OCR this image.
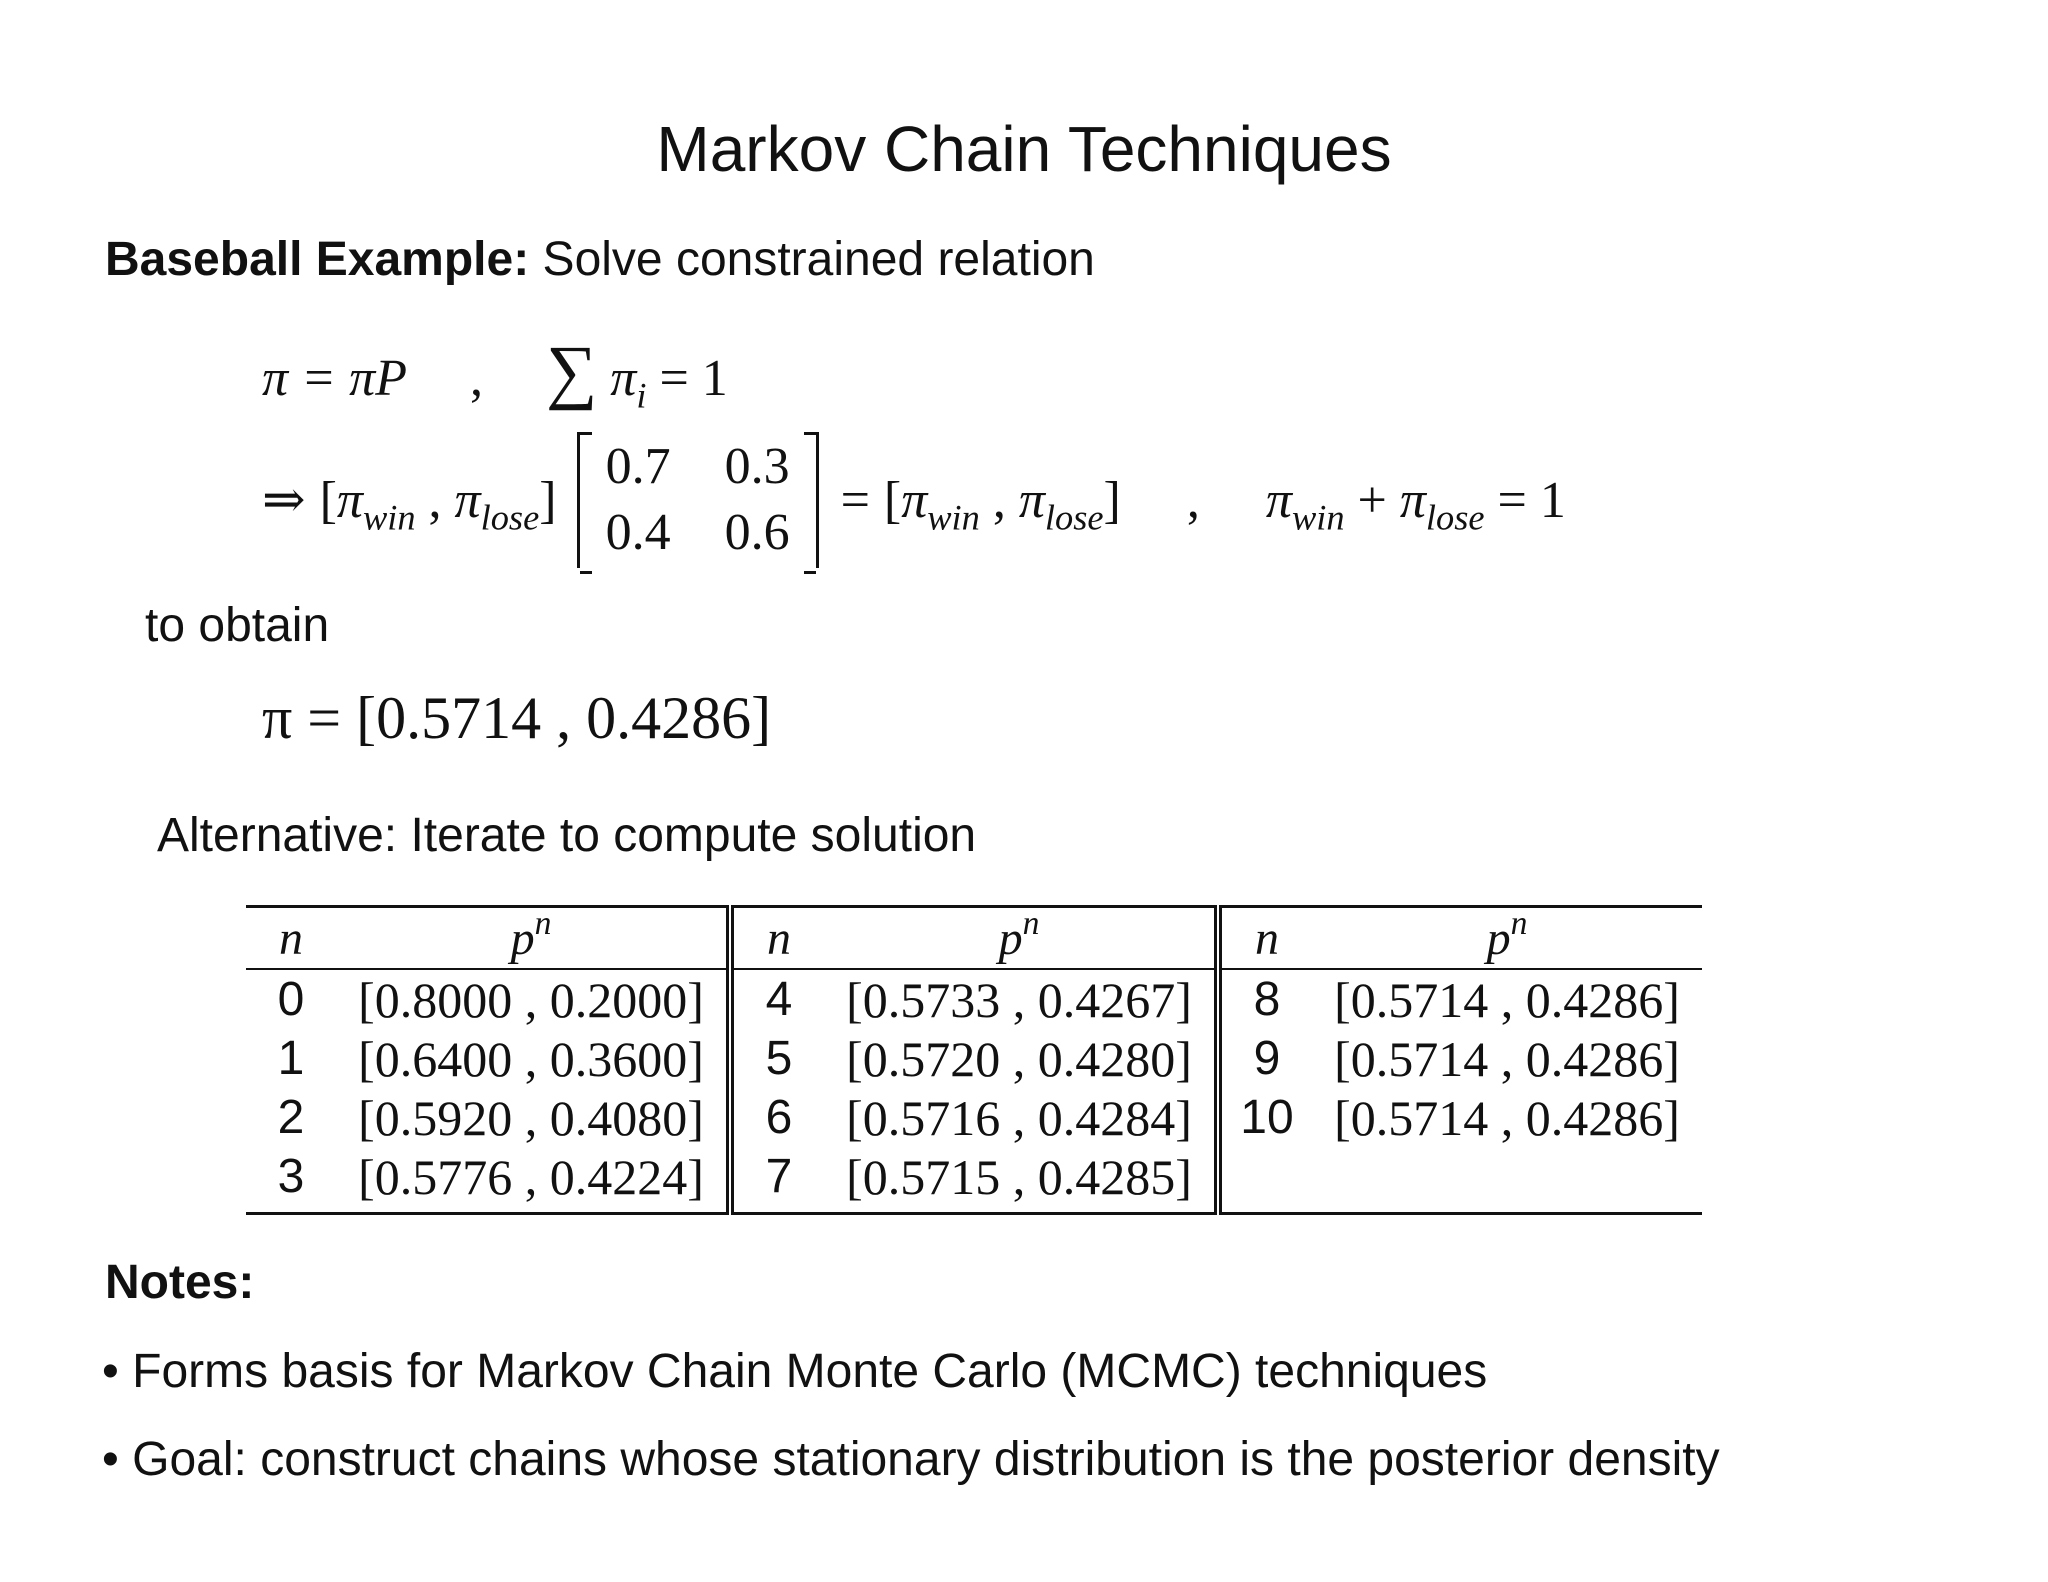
Markov Chain Techniques
Baseball Example: Solve constrained relation
π = πP , ∑ $\pi_i = 1$
⇒ [$\pi_{win}$ , $\pi_{lose}$]
0.7 0.3
0.4 0.6
= [$\pi_{win}$ , $\pi_{lose}$] , $\pi_{win} + \pi_{lose} = 1$
to obtain
π = [0.5714 , 0.4286]
Alternative: Iterate to compute solution
n	$p^n$	n	$p^n$	n	$p^n$
0	[0.8000 , 0.2000]	4	[0.5733 , 0.4267]	8	[0.5714 , 0.4286]
1	[0.6400 , 0.3600]	5	[0.5720 , 0.4280]	9	[0.5714 , 0.4286]
2	[0.5920 , 0.4080]	6	[0.5716 , 0.4284]	10	[0.5714 , 0.4286]
3	[0.5776 , 0.4224]	7	[0.5715 , 0.4285]		
Notes:
• Forms basis for Markov Chain Monte Carlo (MCMC) techniques
• Goal: construct chains whose stationary distribution is the posterior density
